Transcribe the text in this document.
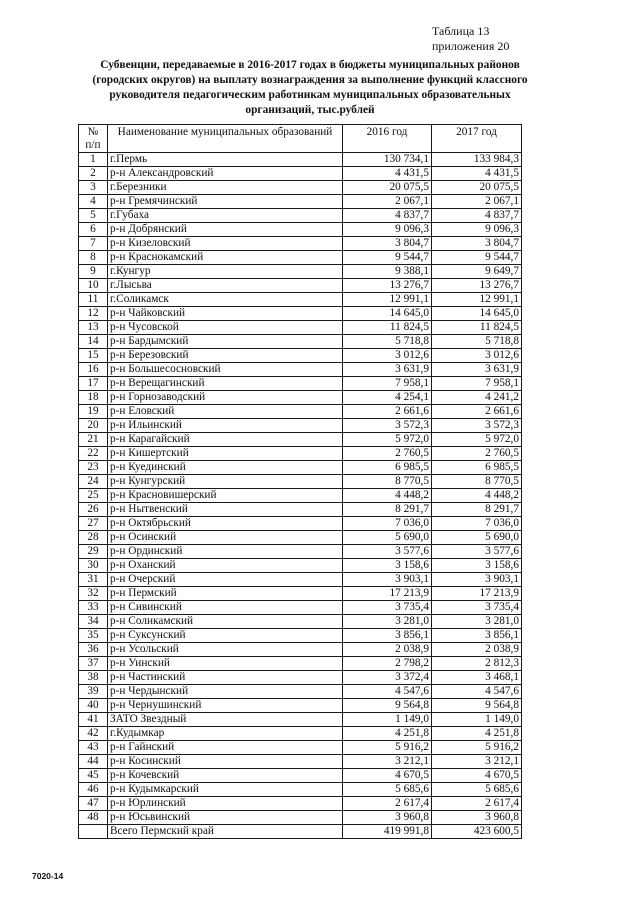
Таблица 13
приложения 20
Субвенции, передаваемые в 2016-2017 годах в бюджеты муниципальных районов
(городских округов) на выплату вознаграждения за выполнение функций классного
руководителя педагогическим работникам муниципальных образовательных
организаций, тыс.рублей
№
п/п	Наименование муниципальных образований	2016 год	2017 год
1	г.Пермь	130 734,1	133 984,3
2	р-н Александровский	4 431,5	4 431,5
3	г.Березники	20 075,5	20 075,5
4	р-н Гремячинский	2 067,1	2 067,1
5	г.Губаха	4 837,7	4 837,7
6	р-н Добрянский	9 096,3	9 096,3
7	р-н Кизеловский	3 804,7	3 804,7
8	р-н Краснокамский	9 544,7	9 544,7
9	г.Кунгур	9 388,1	9 649,7
10	г.Лысьва	13 276,7	13 276,7
11	г.Соликамск	12 991,1	12 991,1
12	р-н Чайковский	14 645,0	14 645,0
13	р-н Чусовской	11 824,5	11 824,5
14	р-н Бардымский	5 718,8	5 718,8
15	р-н Березовский	3 012,6	3 012,6
16	р-н Большесосновский	3 631,9	3 631,9
17	р-н Верещагинский	7 958,1	7 958,1
18	р-н Горнозаводский	4 254,1	4 241,2
19	р-н Еловский	2 661,6	2 661,6
20	р-н Ильинский	3 572,3	3 572,3
21	р-н Карагайский	5 972,0	5 972,0
22	р-н Кишертский	2 760,5	2 760,5
23	р-н Куединский	6 985,5	6 985,5
24	р-н Кунгурский	8 770,5	8 770,5
25	р-н Красновишерский	4 448,2	4 448,2
26	р-н Нытвенский	8 291,7	8 291,7
27	р-н Октябрьский	7 036,0	7 036,0
28	р-н Осинский	5 690,0	5 690,0
29	р-н Ординский	3 577,6	3 577,6
30	р-н Оханский	3 158,6	3 158,6
31	р-н Очерский	3 903,1	3 903,1
32	р-н Пермский	17 213,9	17 213,9
33	р-н Сивинский	3 735,4	3 735,4
34	р-н Соликамский	3 281,0	3 281,0
35	р-н Суксунский	3 856,1	3 856,1
36	р-н Усольский	2 038,9	2 038,9
37	р-н Уинский	2 798,2	2 812,3
38	р-н Частинский	3 372,4	3 468,1
39	р-н Чердынский	4 547,6	4 547,6
40	р-н Чернушинский	9 564,8	9 564,8
41	ЗАТО Звездный	1 149,0	1 149,0
42	г.Кудымкар	4 251,8	4 251,8
43	р-н Гайнский	5 916,2	5 916,2
44	р-н Косинский	3 212,1	3 212,1
45	р-н Кочевский	4 670,5	4 670,5
46	р-н Кудымкарский	5 685,6	5 685,6
47	р-н Юрлинский	2 617,4	2 617,4
48	р-н Юсьвинский	3 960,8	3 960,8
	Всего Пермский край	419 991,8	423 600,5
7020-14
